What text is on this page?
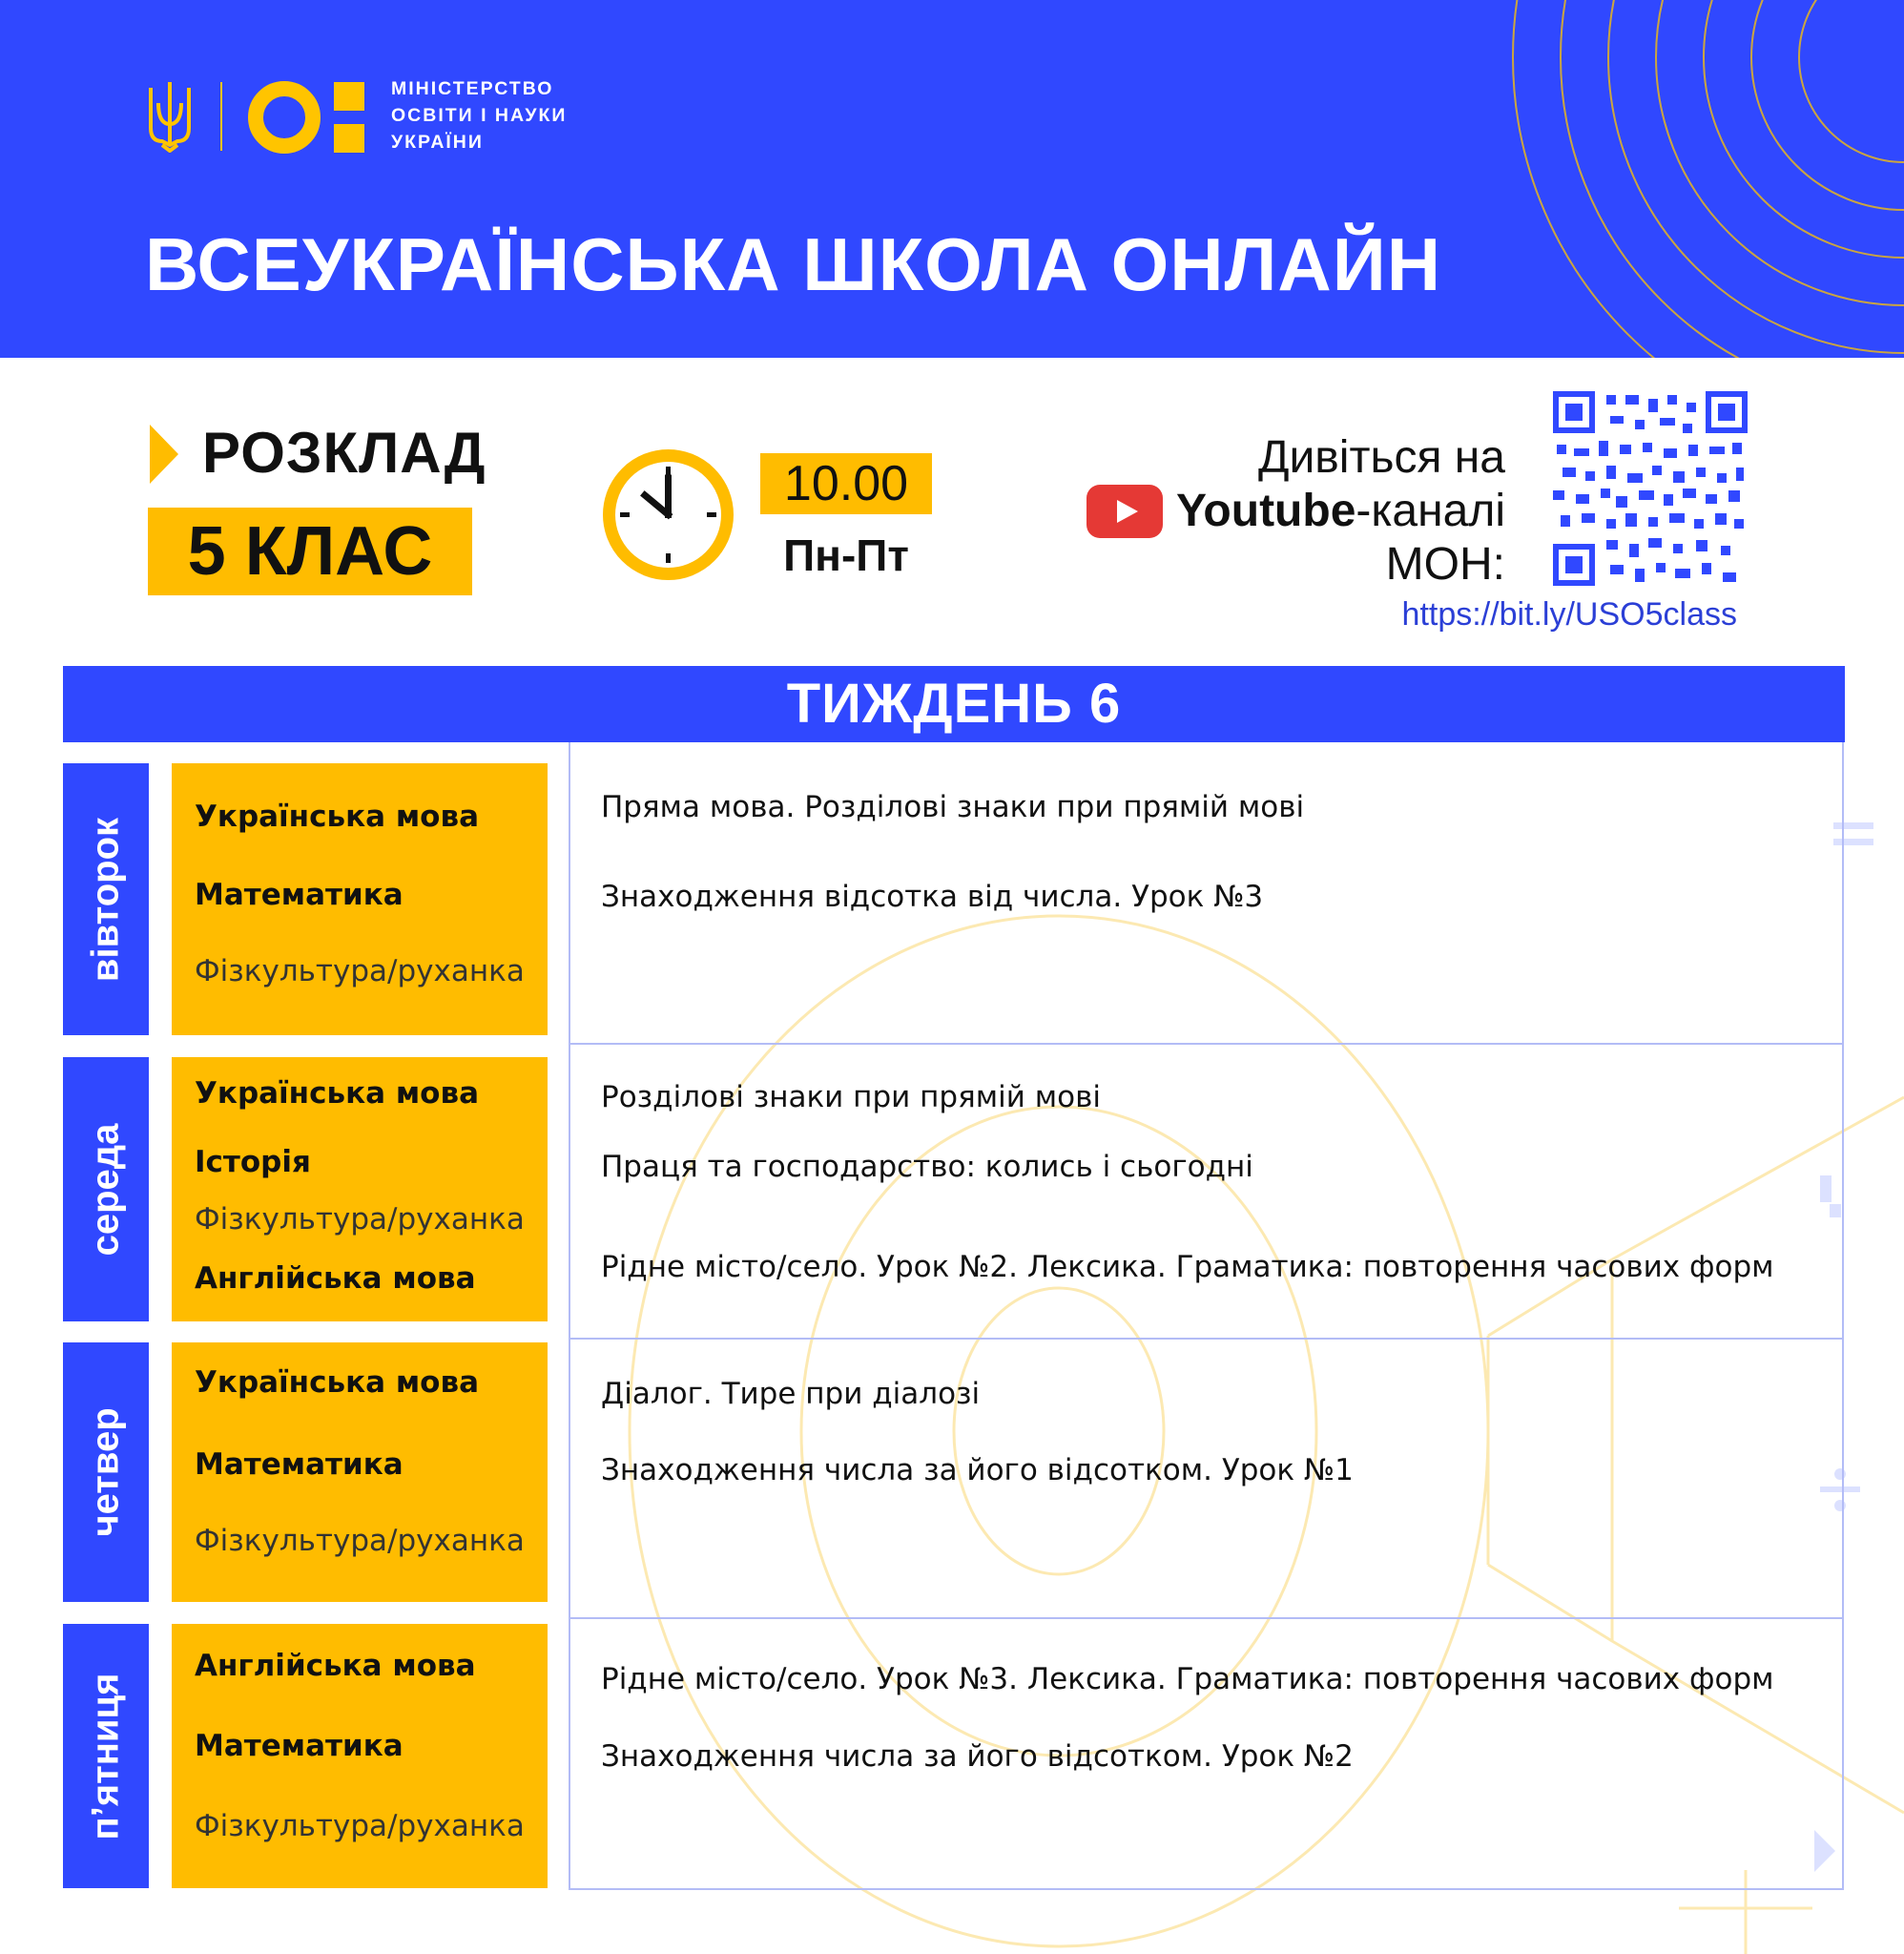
МІНІСТЕРСТВО
ОСВІТИ І НАУКИ
УКРАЇНИ
ВСЕУКРАЇНСЬКА ШКОЛА ОНЛАЙН
РОЗКЛАД
5 КЛАС
10.00
Пн-Пт
Дивіться на
Youtube -каналі
МОН:
https://bit.ly/USO5class
ТИЖДЕНЬ 6
вівторок
Українська мова
Математика
Фізкультура/руханка
Пряма мова. Розділові знаки при прямій мові
Знаходження відсотка від числа. Урок №3
середа
Українська мова
Історія
Фізкультура/руханка
Англійська мова
Розділові знаки при прямій мові
Праця та господарство: колись і сьогодні
Рідне місто/село. Урок №2. Лексика. Граматика: повторення часових форм
четвер
Українська мова
Математика
Фізкультура/руханка
Діалог. Тире при діалозі
Знаходження числа за його відсотком. Урок №1
п’ятниця
Англійська мова
Математика
Фізкультура/руханка
Рідне місто/село. Урок №3. Лексика. Граматика: повторення часових форм
Знаходження числа за його відсотком. Урок №2
